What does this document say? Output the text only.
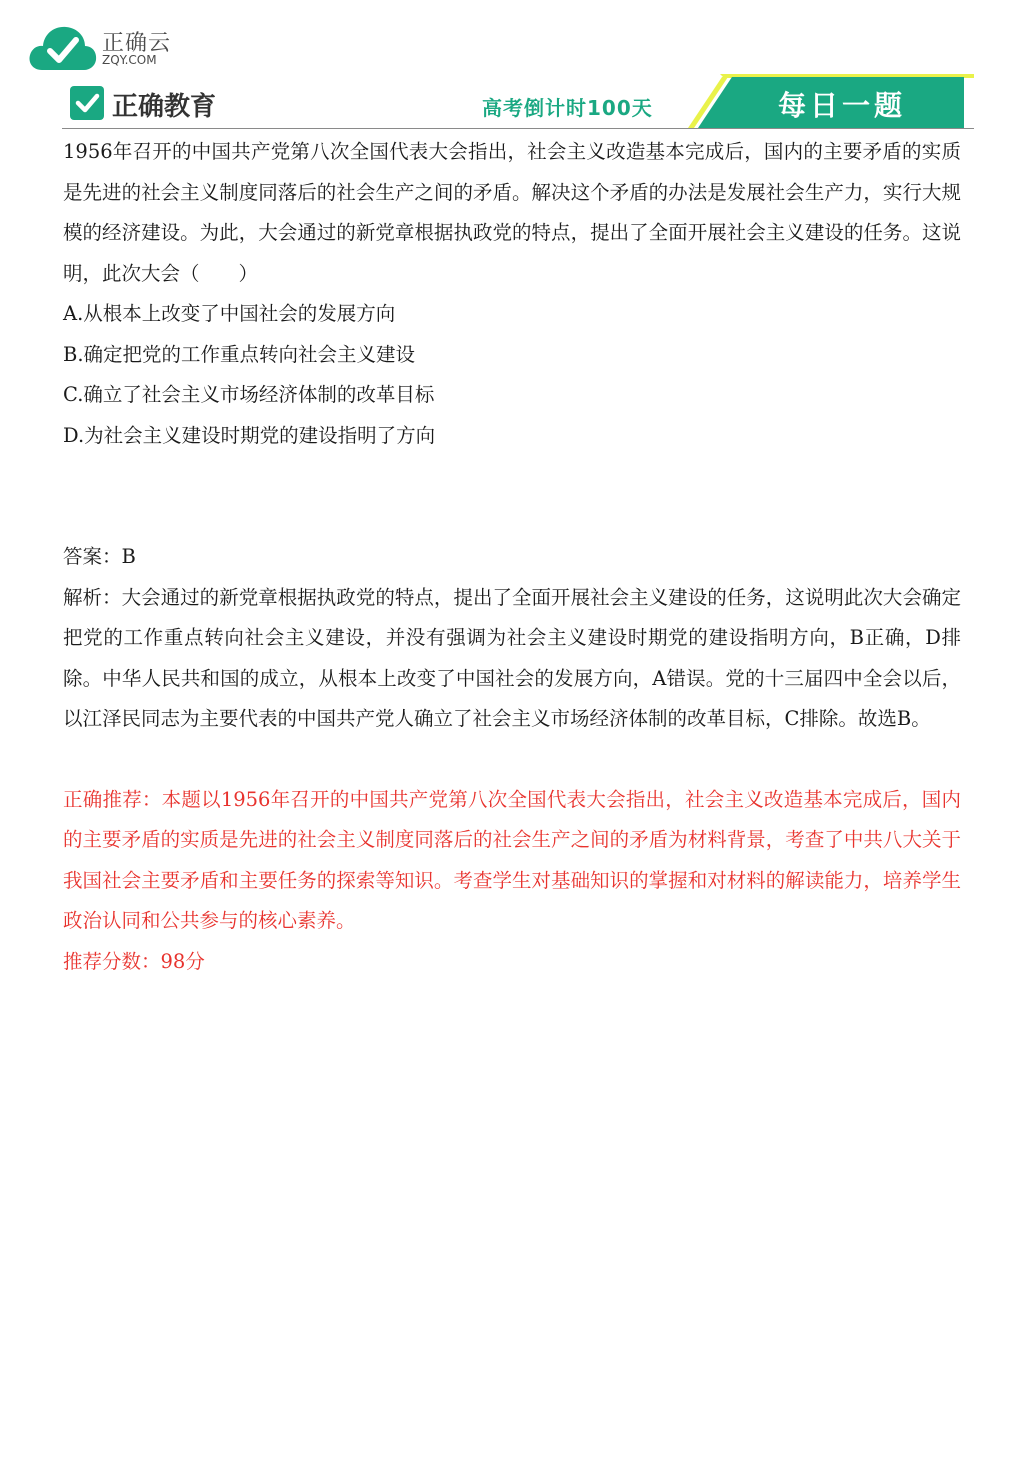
正确云
ZQY.COM
正确教育	高考倒计时100天	每日一题

1956年召开的中国共产党第八次全国代表大会指出，社会主义改造基本完成后，国内的主要矛盾的实质是先进的社会主义制度同落后的社会生产之间的矛盾。解决这个矛盾的办法是发展社会生产力，实行大规模的经济建设。为此，大会通过的新党章根据执政党的特点，提出了全面开展社会主义建设的任务。这说明，此次大会（　　）

A.从根本上改变了中国社会的发展方向

B.确定把党的工作重点转向社会主义建设

C.确立了社会主义市场经济体制的改革目标

D.为社会主义建设时期党的建设指明了方向

答案：B

解析：大会通过的新党章根据执政党的特点，提出了全面开展社会主义建设的任务，这说明此次大会确定把党的工作重点转向社会主义建设，并没有强调为社会主义建设时期党的建设指明方向，B正确，D排除。中华人民共和国的成立，从根本上改变了中国社会的发展方向，A错误。党的十三届四中全会以后，以江泽民同志为主要代表的中国共产党人确立了社会主义市场经济体制的改革目标，C排除。故选B。

正确推荐：本题以1956年召开的中国共产党第八次全国代表大会指出，社会主义改造基本完成后，国内的主要矛盾的实质是先进的社会主义制度同落后的社会生产之间的矛盾为材料背景，考查了中共八大关于我国社会主要矛盾和主要任务的探索等知识。考查学生对基础知识的掌握和对材料的解读能力，培养学生政治认同和公共参与的核心素养。

推荐分数：98分
